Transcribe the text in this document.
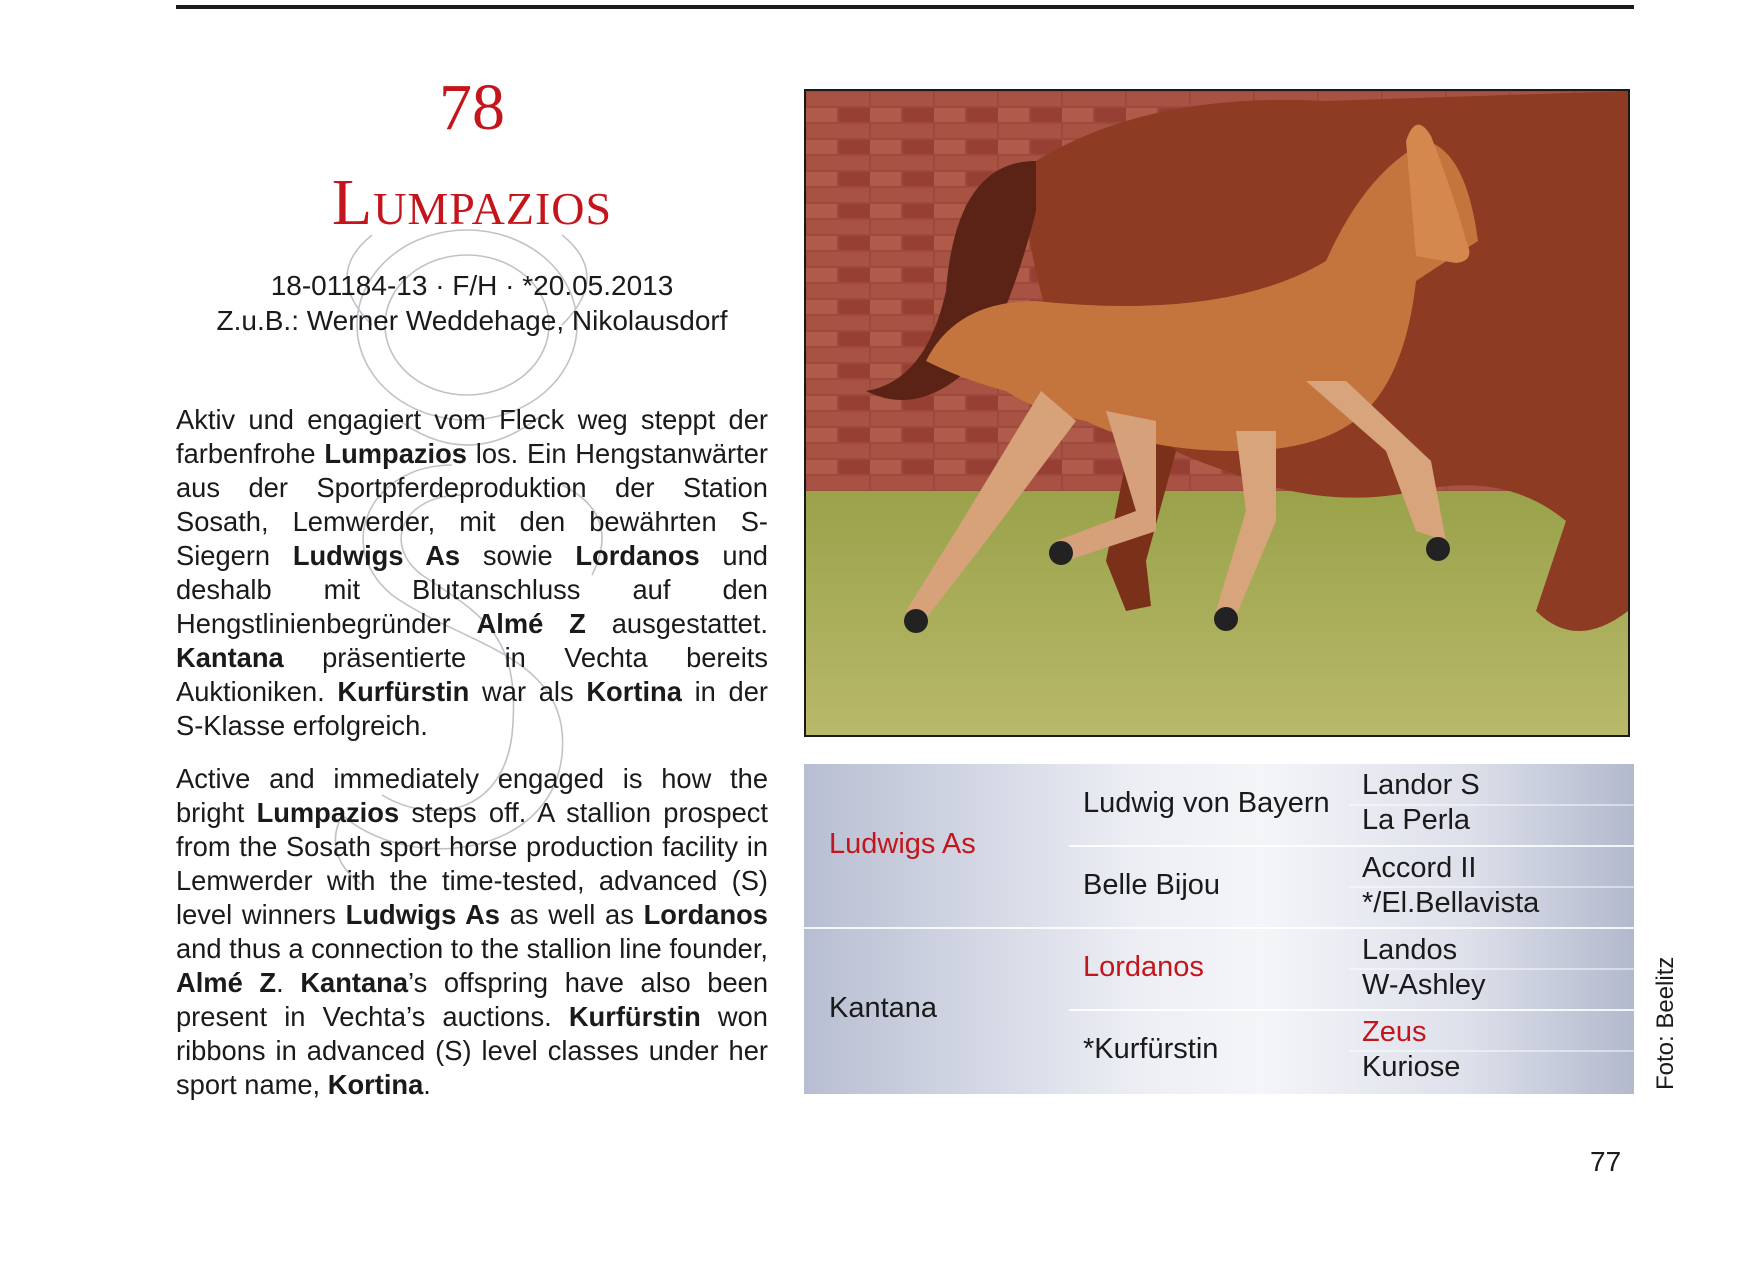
78
Lumpazios
18-01184-13 · F/H · *20.05.2013
Z.u.B.: Werner Weddehage, Nikolausdorf

Aktiv und engagiert vom Fleck weg steppt der farbenfrohe Lumpazios los. Ein Hengstanwärter aus der Sportpferdeproduktion der Station Sosath, Lemwerder, mit den bewährten S-Siegern Ludwigs As sowie Lordanos und deshalb mit Blutanschluss auf den Hengstlinienbegründer Almé Z ausgestattet. Kantana präsentierte in Vechta bereits Auktioniken. Kurfürstin war als Kortina in der S-Klasse erfolgreich.

Active and immediately engaged is how the bright Lumpazios steps off. A stallion prospect from the Sosath sport horse production facility in Lemwerder with the time-tested, advanced (S) level winners Ludwigs As as well as Lordanos and thus a connection to the stallion line founder, Almé Z. Kantana’s offspring have also been present in Vechta’s auctions. Kurfürstin won ribbons in advanced (S) level classes under her sport name, Kortina.

Ludwigs As
Kantana
Ludwig von Bayern
Belle Bijou
Lordanos
*Kurfürstin
Landor S
La Perla
Accord II
*/El.Bellavista
Landos
W-Ashley
Zeus
Kuriose	Foto: Beelitz
77
